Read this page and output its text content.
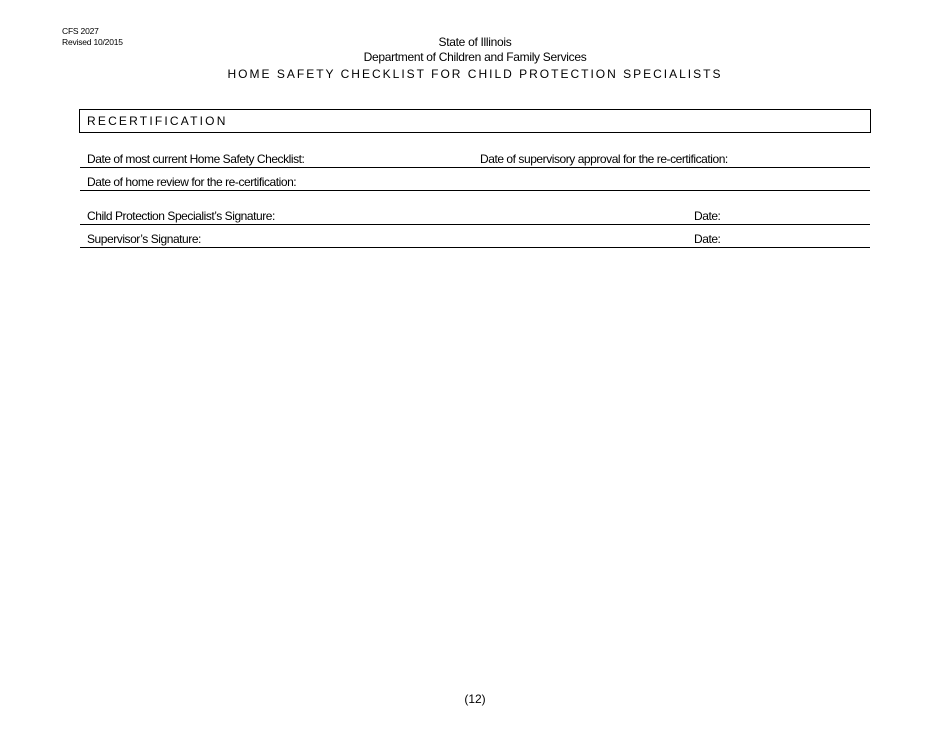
CFS 2027
Revised 10/2015	State of Illinois
Department of Children and Family Services
HOME SAFETY CHECKLIST FOR CHILD PROTECTION SPECIALISTS
RECERTIFICATION
Date of most current Home Safety Checklist:	Date of supervisory approval for the re-certification:
Date of home review for the re-certification:
Child Protection Specialist’s Signature:	Date:
Supervisor’s Signature:	Date:
(12)
